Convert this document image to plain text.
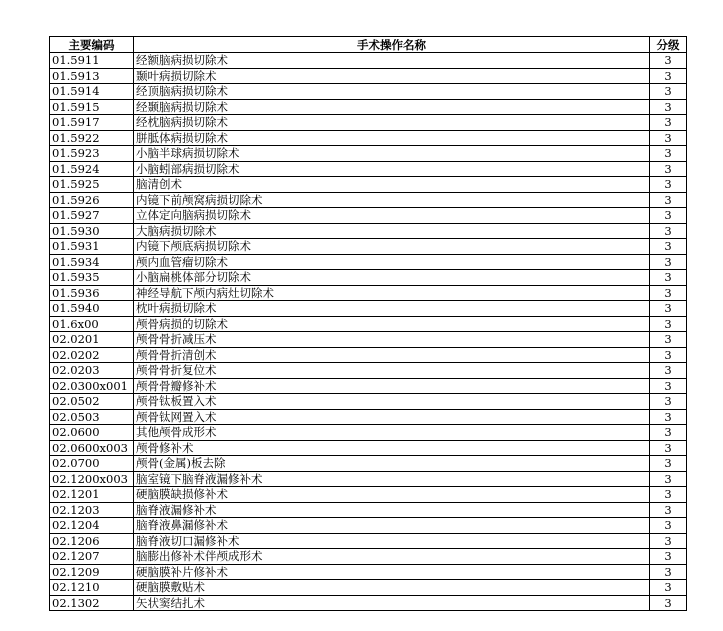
主要编码	手术操作名称	分级
01.5911	经额脑病损切除术	3
01.5913	颞叶病损切除术	3
01.5914	经顶脑病损切除术	3
01.5915	经颞脑病损切除术	3
01.5917	经枕脑病损切除术	3
01.5922	胼胝体病损切除术	3
01.5923	小脑半球病损切除术	3
01.5924	小脑蚓部病损切除术	3
01.5925	脑清创术	3
01.5926	内镜下前颅窝病损切除术	3
01.5927	立体定向脑病损切除术	3
01.5930	大脑病损切除术	3
01.5931	内镜下颅底病损切除术	3
01.5934	颅内血管瘤切除术	3
01.5935	小脑扁桃体部分切除术	3
01.5936	神经导航下颅内病灶切除术	3
01.5940	枕叶病损切除术	3
01.6x00	颅骨病损的切除术	3
02.0201	颅骨骨折减压术	3
02.0202	颅骨骨折清创术	3
02.0203	颅骨骨折复位术	3
02.0300x001	颅骨骨瓣修补术	3
02.0502	颅骨钛板置入术	3
02.0503	颅骨钛网置入术	3
02.0600	其他颅骨成形术	3
02.0600x003	颅骨修补术	3
02.0700	颅骨(金属)板去除	3
02.1200x003	脑室镜下脑脊液漏修补术	3
02.1201	硬脑膜缺损修补术	3
02.1203	脑脊液漏修补术	3
02.1204	脑脊液鼻漏修补术	3
02.1206	脑脊液切口漏修补术	3
02.1207	脑膨出修补术伴颅成形术	3
02.1209	硬脑膜补片修补术	3
02.1210	硬脑膜敷贴术	3
02.1302	矢状窦结扎术	3
